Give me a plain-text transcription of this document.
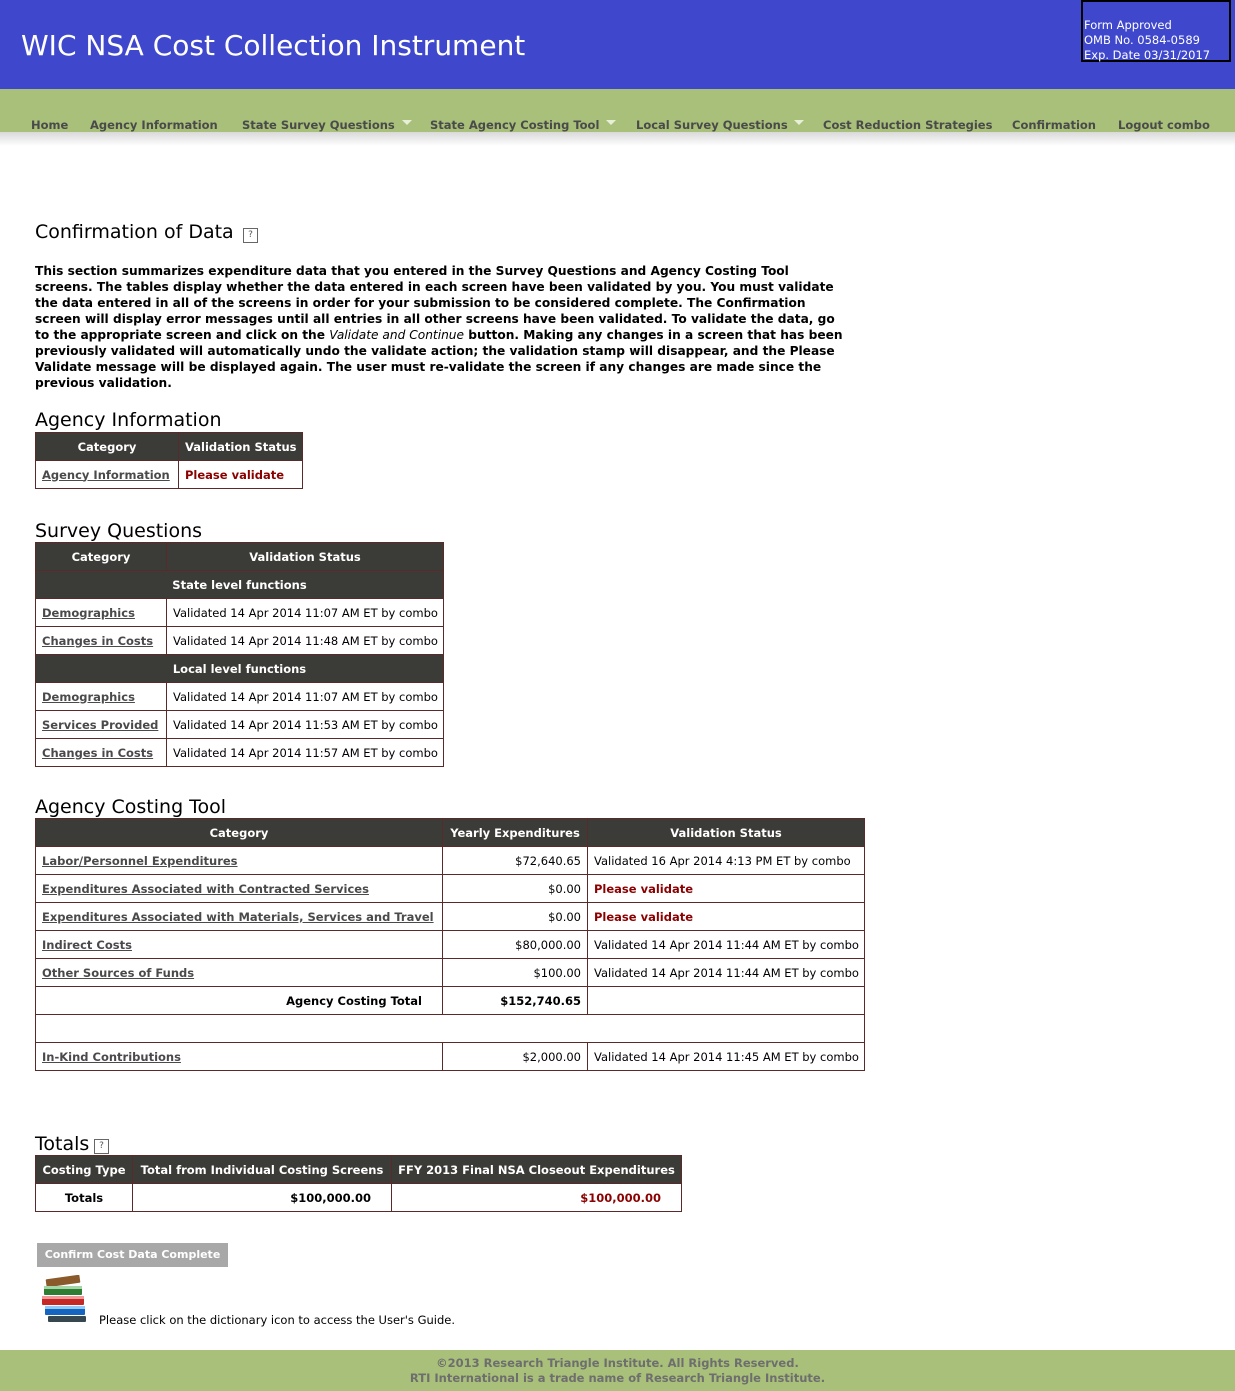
WIC NSA Cost Collection Instrument
Form Approved
OMB No. 0584-0589
Exp. Date 03/31/2017
Home Agency Information State Survey Questions	State Agency Costing Tool	Local Survey Questions	Cost Reduction Strategies Confirmation Logout combo
Confirmation of Data	?
This section summarizes expenditure data that you entered in the Survey Questions and Agency Costing Tool screens. The tables display whether the data entered in each screen have been validated by you. You must validate the data entered in all of the screens in order for your submission to be considered complete. The Confirmation screen will display error messages until all entries in all other screens have been validated. To validate the data, go to the appropriate screen and click on the Validate and Continue button. Making any changes in a screen that has been previously validated will automatically undo the validate action; the validation stamp will disappear, and the Please Validate message will be displayed again. The user must re-validate the screen if any changes are made since the previous validation.
Agency Information
Category	Validation Status
Agency Information	Please validate
Survey Questions
Category	Validation Status
State level functions	
Demographics	Validated 14 Apr 2014 11:07 AM ET by combo
Changes in Costs	Validated 14 Apr 2014 11:48 AM ET by combo
Local level functions	
Demographics	Validated 14 Apr 2014 11:07 AM ET by combo
Services Provided	Validated 14 Apr 2014 11:53 AM ET by combo
Changes in Costs	Validated 14 Apr 2014 11:57 AM ET by combo
Agency Costing Tool
Category	Yearly Expenditures	Validation Status
Labor/Personnel Expenditures	$72,640.65	Validated 16 Apr 2014 4:13 PM ET by combo
Expenditures Associated with Contracted Services	$0.00	Please validate
Expenditures Associated with Materials, Services and Travel	$0.00	Please validate
Indirect Costs	$80,000.00	Validated 14 Apr 2014 11:44 AM ET by combo
Other Sources of Funds	$100.00	Validated 14 Apr 2014 11:44 AM ET by combo
Agency Costing Total	$152,740.65	

In-Kind Contributions	$2,000.00	Validated 14 Apr 2014 11:45 AM ET by combo
Totals	?
Costing Type	Total from Individual Costing Screens	FFY 2013 Final NSA Closeout Expenditures
Totals	$100,000.00	$100,000.00
Confirm Cost Data Complete
Please click on the dictionary icon to access the User's Guide.
©2013 Research Triangle Institute. All Rights Reserved.
RTI International is a trade name of Research Triangle Institute.
